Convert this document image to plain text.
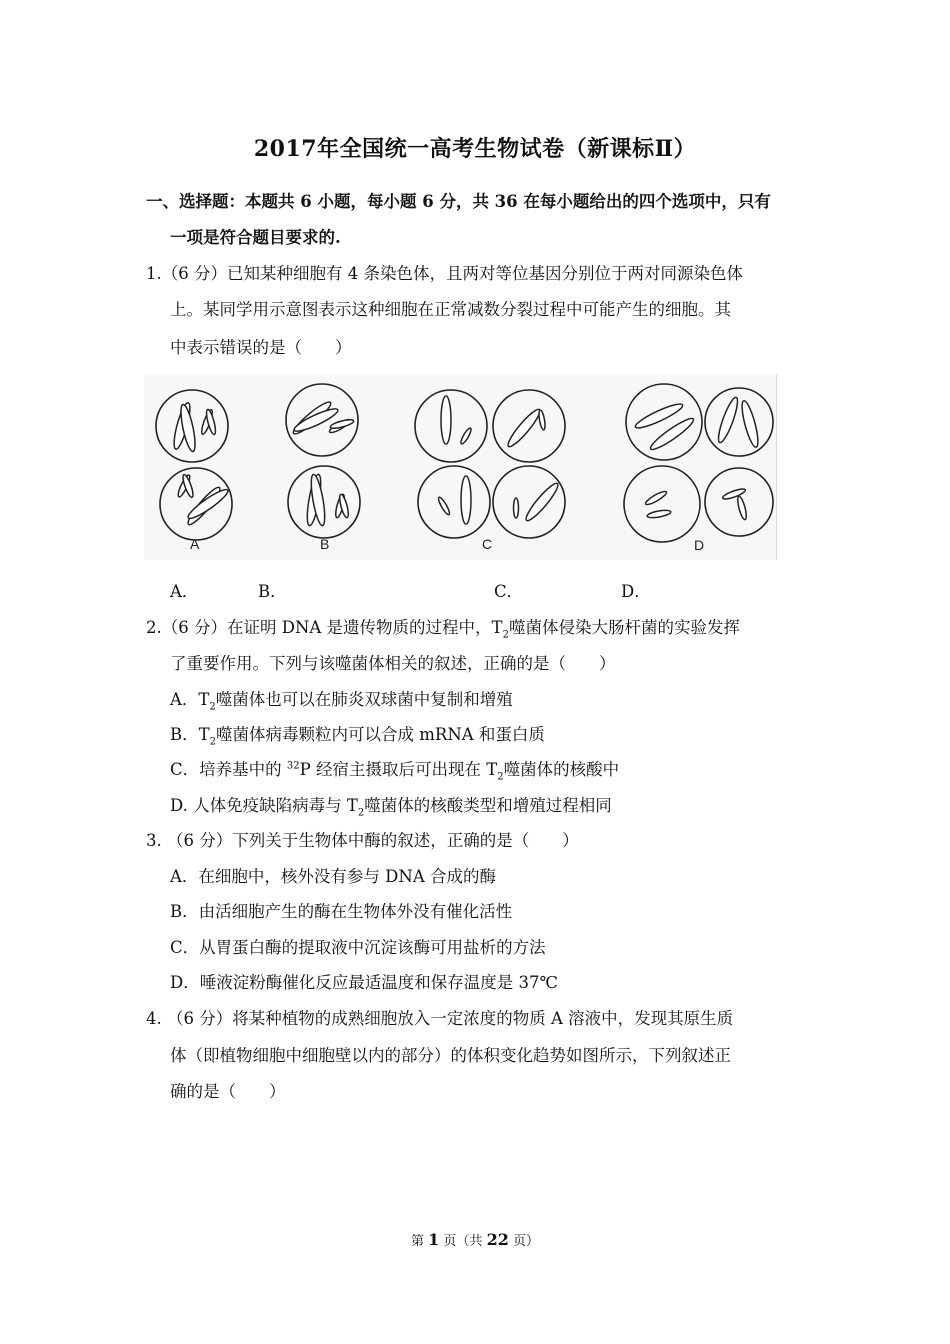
2017年全国统一高考生物试卷（新课标Ⅱ）
一、选择题：本题共 6 小题，每小题 6 分，共 36 在每小题给出的四个选项中，只有
一项是符合题目要求的.
1.（6 分）已知某种细胞有 4 条染色体，且两对等位基因分别位于两对同源染色体
上。某同学用示意图表示这种细胞在正常减数分裂过程中可能产生的细胞。其
中表示错误的是（　　）
A	B	C	D
A．	B．	C．	D．
2.（6 分）在证明 DNA 是遗传物质的过程中，$T_2$噬菌体侵染大肠杆菌的实验发挥
了重要作用。下列与该噬菌体相关的叙述，正确的是（　　）
A．$T_2$噬菌体也可以在肺炎双球菌中复制和增殖
B．$T_2$噬菌体病毒颗粒内可以合成 mRNA 和蛋白质
C．培养基中的 $^{32}$P 经宿主摄取后可出现在 $T_2$噬菌体的核酸中
D. 人体免疫缺陷病毒与 $T_2$噬菌体的核酸类型和增殖过程相同
3. （6 分）下列关于生物体中酶的叙述，正确的是（　　）
A．在细胞中，核外没有参与 DNA 合成的酶
B．由活细胞产生的酶在生物体外没有催化活性
C．从胃蛋白酶的提取液中沉淀该酶可用盐析的方法
D．唾液淀粉酶催化反应最适温度和保存温度是 37℃
4. （6 分）将某种植物的成熟细胞放入一定浓度的物质 A 溶液中，发现其原生质
体（即植物细胞中细胞壁以内的部分）的体积变化趋势如图所示，下列叙述正
确的是（　　）
第 1 页（共 22 页）
